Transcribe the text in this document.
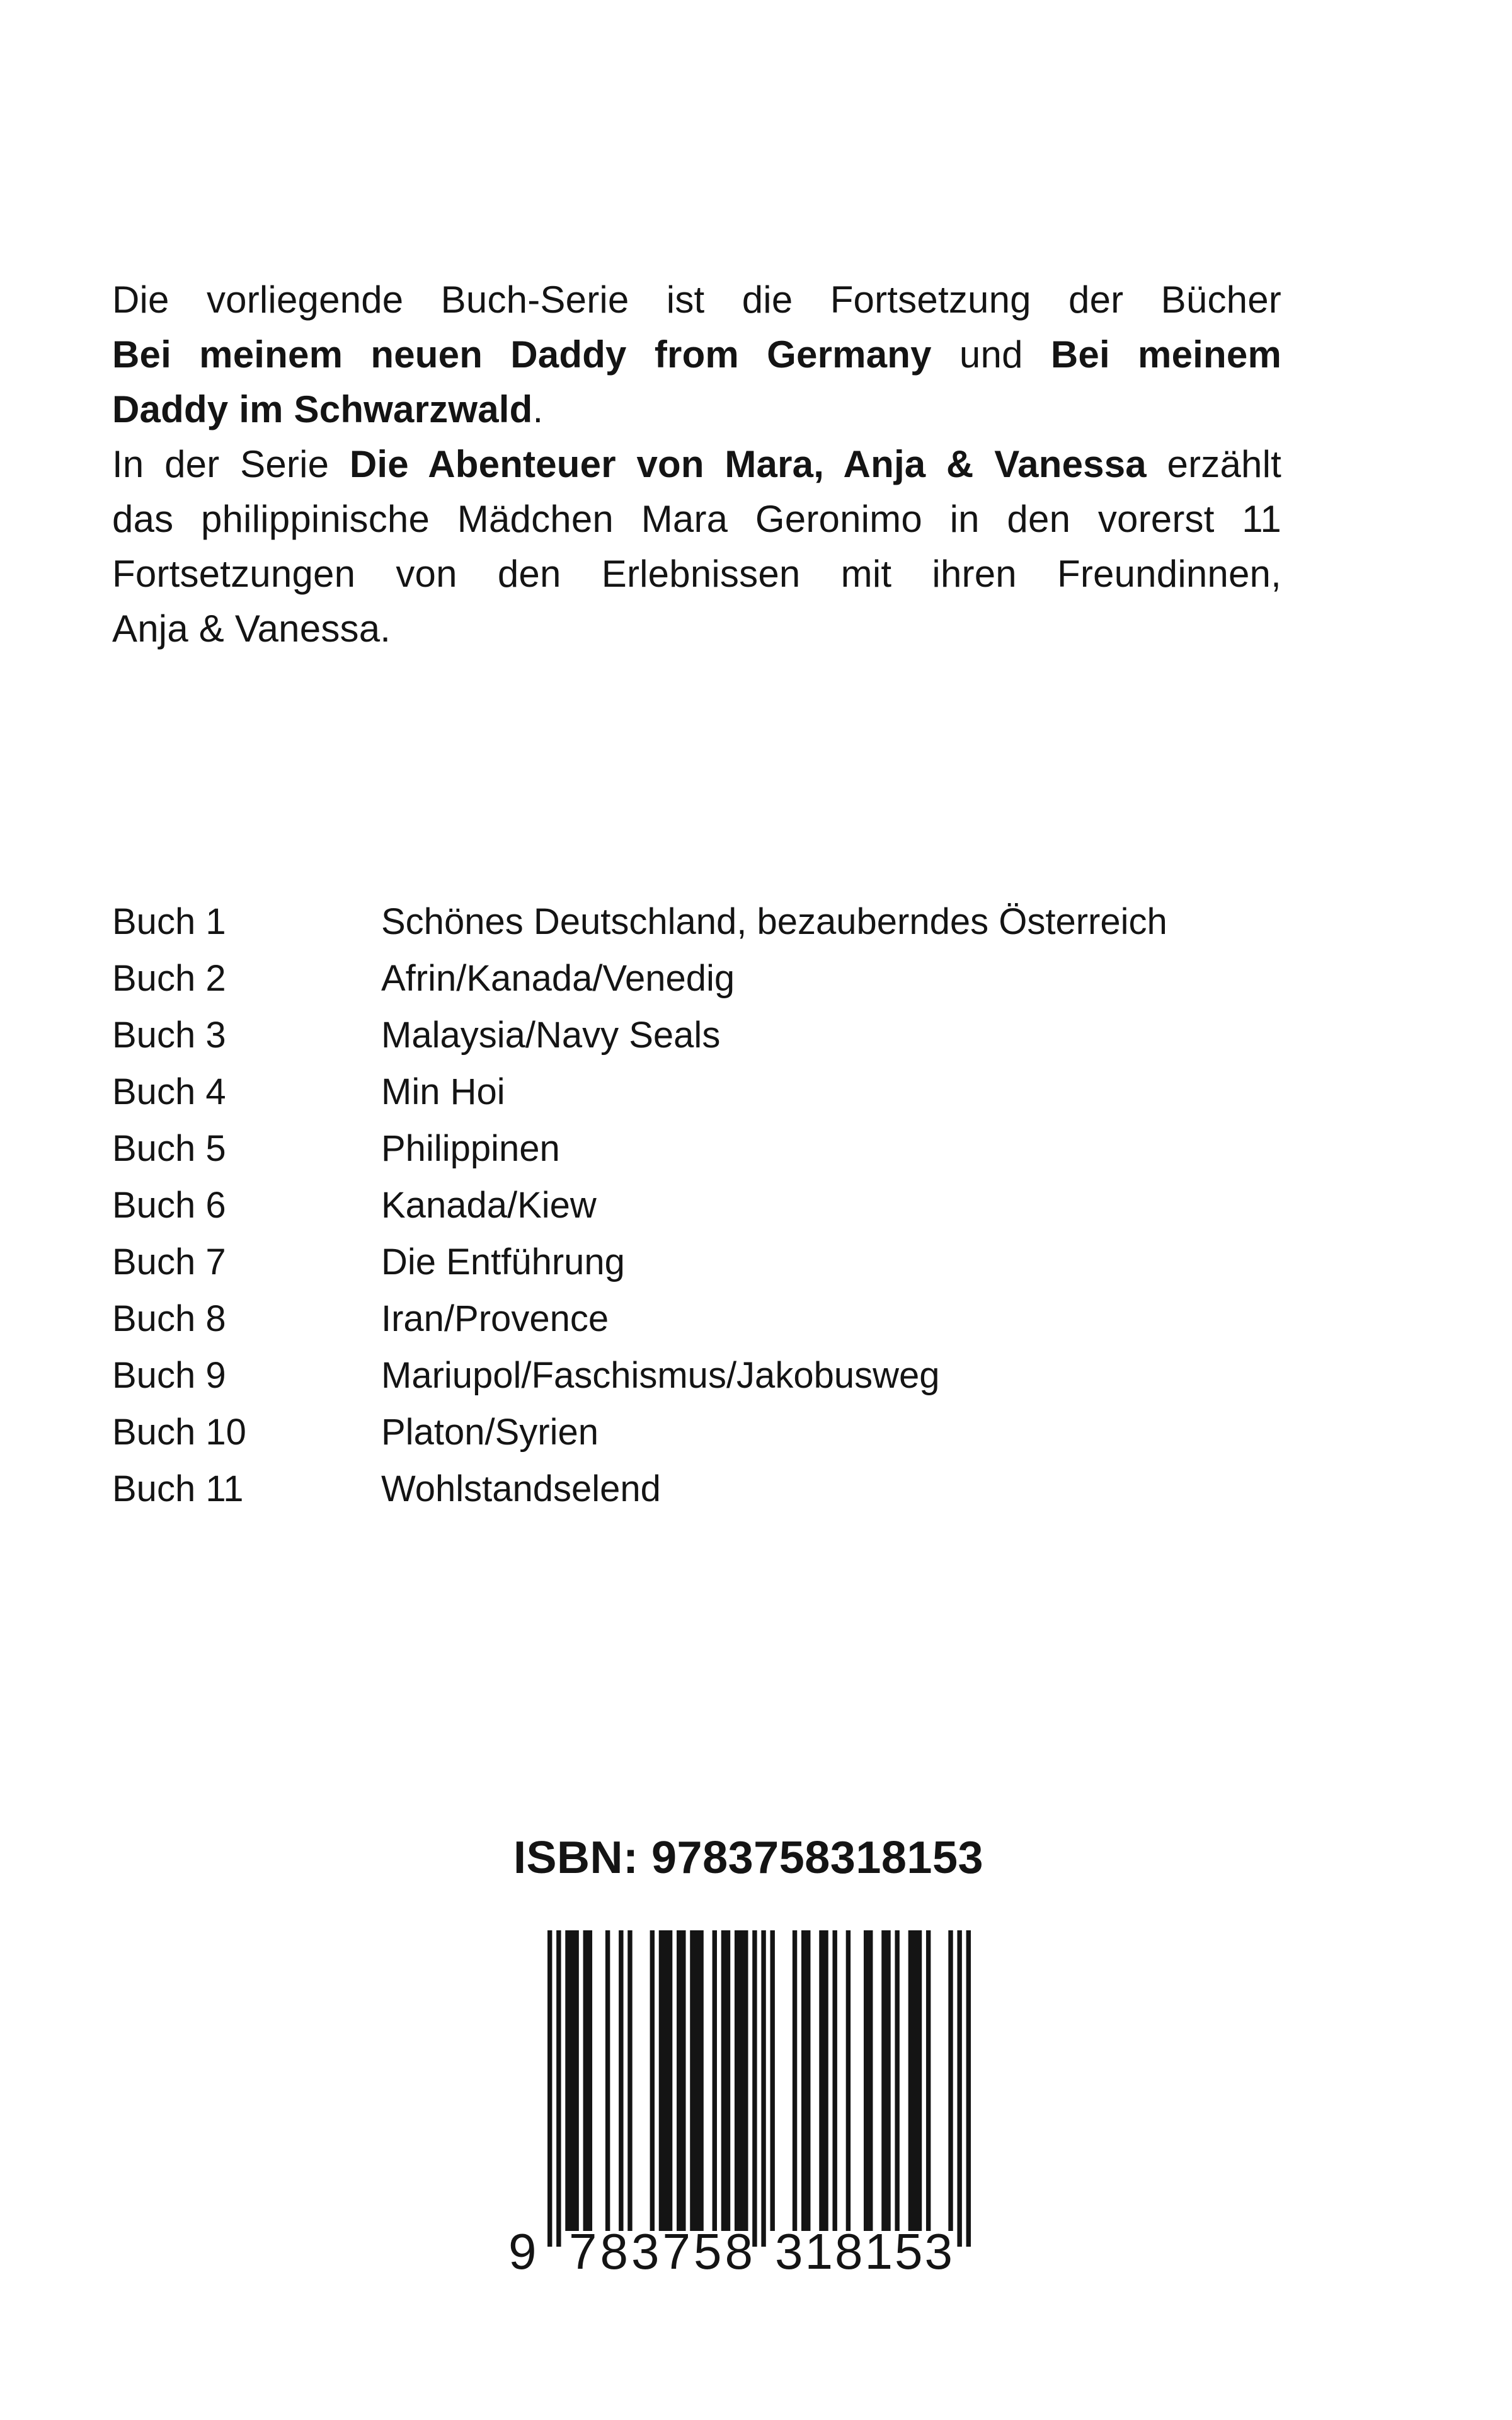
Die vorliegende Buch-Serie ist die Fortsetzung der Bücher
Bei meinem neuen Daddy from Germany und Bei meinem
Daddy im Schwarzwald.
In der Serie Die Abenteuer von Mara, Anja & Vanessa erzählt
das philippinische Mädchen Mara Geronimo in den vorerst 11
Fortsetzungen von den Erlebnissen mit ihren Freundinnen,
Anja & Vanessa.
Buch 1	Schönes Deutschland, bezauberndes Österreich
Buch 2	Afrin/Kanada/Venedig
Buch 3	Malaysia/Navy Seals
Buch 4	Min Hoi
Buch 5	Philippinen
Buch 6	Kanada/Kiew
Buch 7	Die Entführung
Buch 8	Iran/Provence
Buch 9	Mariupol/Faschismus/Jakobusweg
Buch 10	Platon/Syrien
Buch 11	Wohlstandselend
ISBN: 9783758318153
9 783758 318153
